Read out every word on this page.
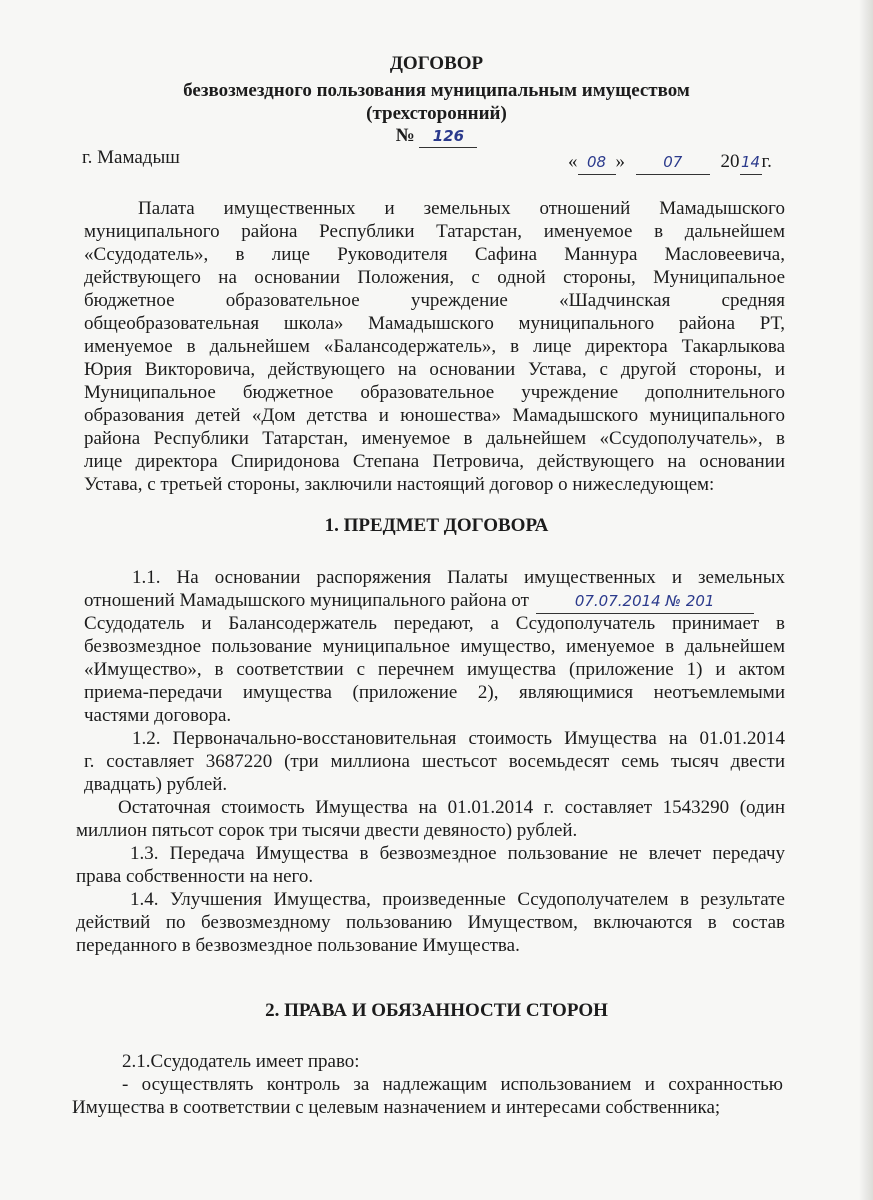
ДОГОВОР
безвозмездного пользования муниципальным имуществом
(трехсторонний)
№ 126
г. Мамадыш	« 08 »	07 2014г.
Палата имущественных и земельных отношений Мамадышского
муниципального района Республики Татарстан, именуемое в дальнейшем
«Ссудодатель», в лице Руководителя Сафина Маннура Масловеевича,
действующего на основании Положения, с одной стороны, Муниципальное
бюджетное образовательное учреждение «Шадчинская средняя
общеобразовательная школа» Мамадышского муниципального района РТ,
именуемое в дальнейшем «Балансодержатель», в лице директора Такарлыкова
Юрия Викторовича, действующего на основании Устава, с другой стороны, и
Муниципальное бюджетное образовательное учреждение дополнительного
образования детей «Дом детства и юношества» Мамадышского муниципального
района Республики Татарстан, именуемое в дальнейшем «Ссудополучатель», в
лице директора Спиридонова Степана Петровича, действующего на основании
Устава, с третьей стороны, заключили настоящий договор о нижеследующем:
1. ПРЕДМЕТ ДОГОВОРА
1.1. На основании распоряжения Палаты имущественных и земельных
отношений Мамадышского муниципального района от	07.07.2014 № 201
Ссудодатель и Балансодержатель передают, а Ссудополучатель принимает в
безвозмездное пользование муниципальное имущество, именуемое в дальнейшем
«Имущество», в соответствии с перечнем имущества (приложение 1) и актом
приема-передачи имущества (приложение 2), являющимися неотъемлемыми
частями договора.
1.2. Первоначально-восстановительная стоимость Имущества на 01.01.2014
г. составляет 3687220 (три миллиона шестьсот восемьдесят семь тысяч двести
двадцать) рублей.
Остаточная стоимость Имущества на 01.01.2014 г. составляет 1543290 (один
миллион пятьсот сорок три тысячи двести девяносто) рублей.
1.3. Передача Имущества в безвозмездное пользование не влечет передачу
права собственности на него.
1.4. Улучшения Имущества, произведенные Ссудополучателем в результате
действий по безвозмездному пользованию Имуществом, включаются в состав
переданного в безвозмездное пользование Имущества.
2. ПРАВА И ОБЯЗАННОСТИ СТОРОН
2.1.Ссудодатель имеет право:
- осуществлять контроль за надлежащим использованием и сохранностью
Имущества в соответствии с целевым назначением и интересами собственника;
